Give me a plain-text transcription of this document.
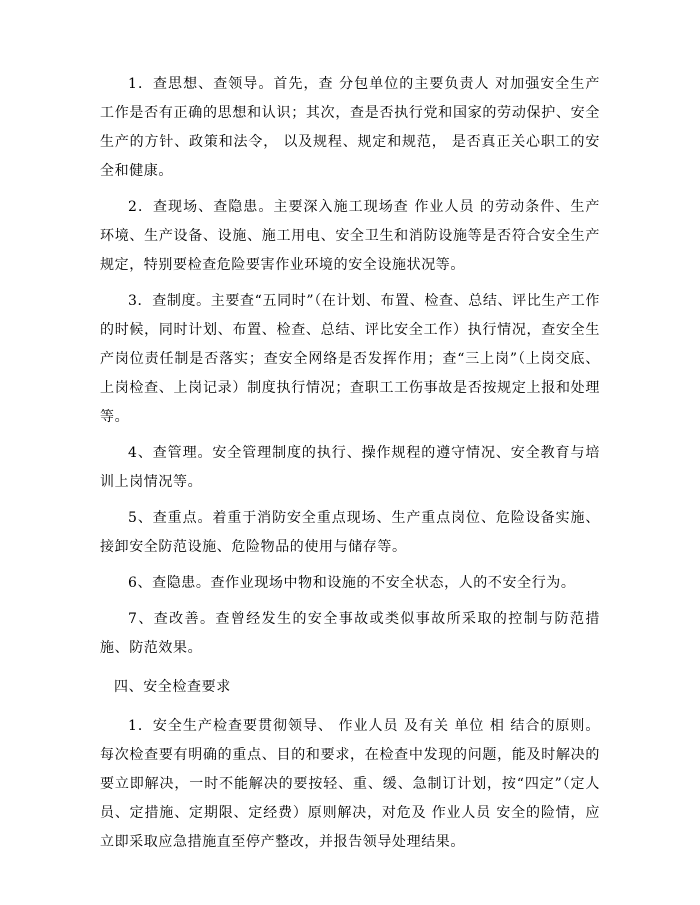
1．查思想、查领导。首先，查 分包单位的主要负责人 对加强安全生产工作是否有正确的思想和认识；其次，查是否执行党和国家的劳动保护、安全生产的方针、政策和法令， 以及规程、规定和规范， 是否真正关心职工的安全和健康。

2．查现场、查隐患。主要深入施工现场查 作业人员 的劳动条件、生产环境、生产设备、设施、施工用电、安全卫生和消防设施等是否符合安全生产规定，特别要检查危险要害作业环境的安全设施状况等。

3．查制度。主要查“五同时”（在计划、布置、检查、总结、评比生产工作的时候，同时计划、布置、检查、总结、评比安全工作）执行情况，查安全生产岗位责任制是否落实；查安全网络是否发挥作用；查“三上岗”（上岗交底、上岗检查、上岗记录）制度执行情况；查职工工伤事故是否按规定上报和处理等。

4、查管理。安全管理制度的执行、操作规程的遵守情况、安全教育与培训上岗情况等。

5、查重点。着重于消防安全重点现场、生产重点岗位、危险设备实施、接卸安全防范设施、危险物品的使用与储存等。

6、查隐患。查作业现场中物和设施的不安全状态，人的不安全行为。

7、查改善。查曾经发生的安全事故或类似事故所采取的控制与防范措施、防范效果。

四、安全检查要求

1．安全生产检查要贯彻领导、 作业人员 及有关 单位 相 结合的原则。每次检查要有明确的重点、目的和要求，在检查中发现的问题，能及时解决的要立即解决，一时不能解决的要按轻、重、缓、急制订计划，按“四定”（定人员、定措施、定期限、定经费）原则解决，对危及 作业人员 安全的险情，应立即采取应急措施直至停产整改，并报告领导处理结果。
